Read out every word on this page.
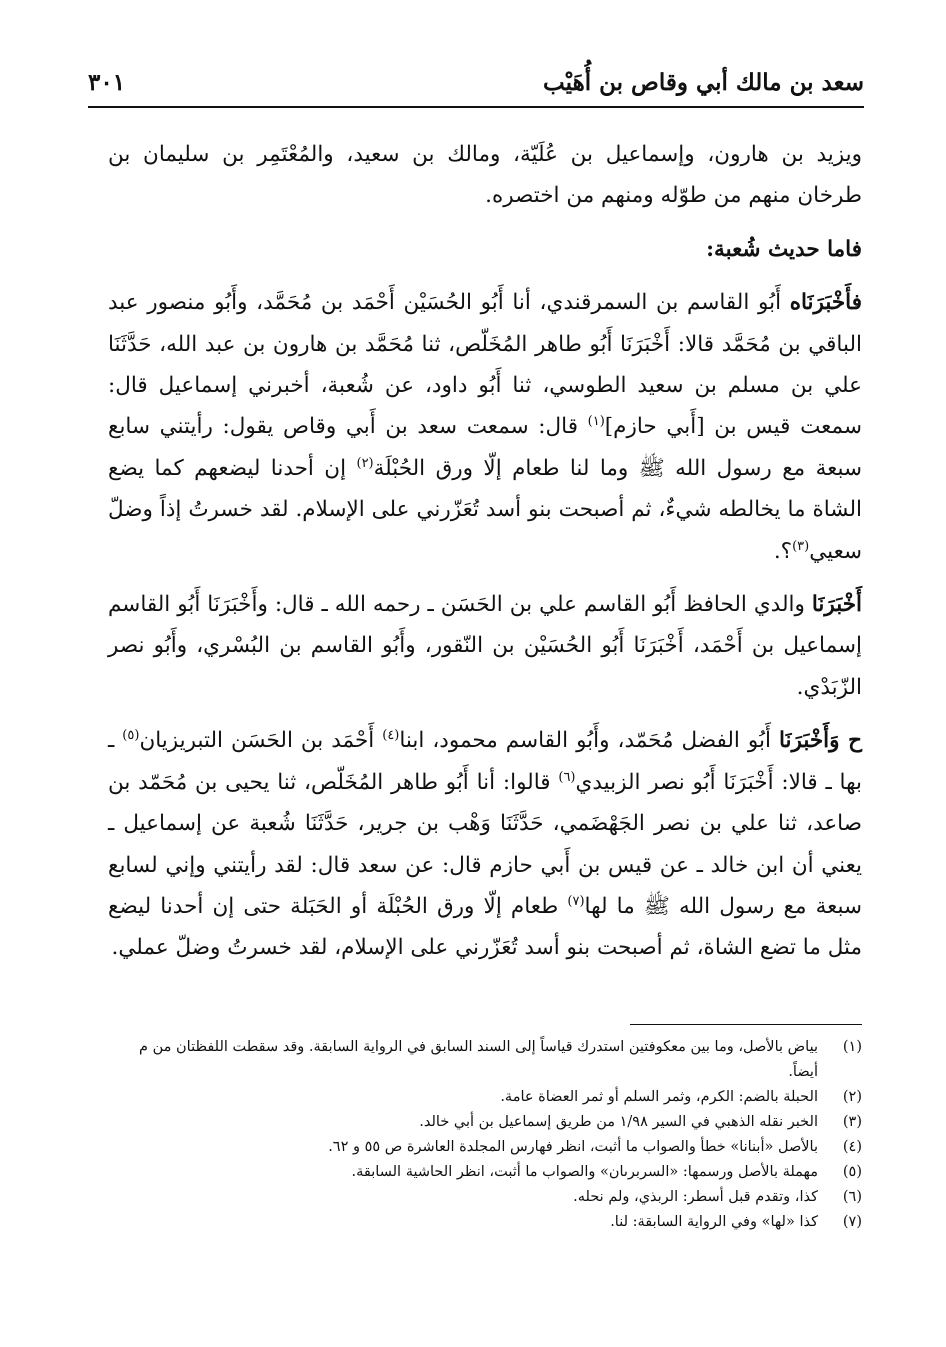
سعد بن مالك أبي وقاص بن أُهَيْب
٣٠١

ويزيد بن هارون، وإسماعيل بن عُلَيّة، ومالك بن سعيد، والمُعْتَمِر بن سليمان بن طرخان منهم من طوّله ومنهم من اختصره.

فاما حديث شُعبة:

فأَخْبَرَنَاه أَبُو القاسم بن السمرقندي، أنا أَبُو الحُسَيْن أَحْمَد بن مُحَمَّد، وأَبُو منصور عبد الباقي بن مُحَمَّد قالا: أَخْبَرَنَا أَبُو طاهر المُخَلّص، ثنا مُحَمَّد بن هارون بن عبد الله، حَدَّثَنَا علي بن مسلم بن سعيد الطوسي، ثنا أَبُو داود، عن شُعبة، أخبرني إسماعيل قال: سمعت قيس بن [أَبي حازم]$^{(١)}$ قال: سمعت سعد بن أَبي وقاص يقول: رأيتني سابع سبعة مع رسول الله ﷺ وما لنا طعام إلّا ورق الحُبْلَة$^{(٢)}$ إن أحدنا ليضعهم كما يضع الشاة ما يخالطه شيءٌ، ثم أصبحت بنو أسد تُعَزّرني على الإسلام. لقد خسرتُ إذاً وضلّ سعيي$^{(٣)}$؟.

أَخْبَرَنَا والدي الحافظ أَبُو القاسم علي بن الحَسَن ـ رحمه الله ـ قال: وأَخْبَرَنَا أَبُو القاسم إسماعيل بن أَحْمَد، أَخْبَرَنَا أَبُو الحُسَيْن بن النّقور، وأَبُو القاسم بن البُسْري، وأَبُو نصر الزّبَدْي.

ح وَأَخْبَرَنَا أَبُو الفضل مُحَمّد، وأَبُو القاسم محمود، ابنا$^{(٤)}$ أَحْمَد بن الحَسَن التبريزيان$^{(٥)}$ ـ بها ـ قالا: أَخْبَرَنَا أَبُو نصر الزبيدي$^{(٦)}$ قالوا: أنا أَبُو طاهر المُخَلّص، ثنا يحيى بن مُحَمّد بن صاعد، ثنا علي بن نصر الجَهْضَمي، حَدَّثَنَا وَهْب بن جرير، حَدَّثَنَا شُعبة عن إسماعيل ـ يعني أن ابن خالد ـ عن قيس بن أَبي حازم قال: عن سعد قال: لقد رأيتني وإني لسابع سبعة مع رسول الله ﷺ ما لها$^{(٧)}$ طعام إلّا ورق الحُبْلَة أو الحَبَلة حتى إن أحدنا ليضع مثل ما تضع الشاة، ثم أصبحت بنو أسد تُعَزّرني على الإسلام، لقد خسرتُ وضلّ عملي.

(١)
بياض بالأصل، وما بين معكوفتين استدرك قياساً إلى السند السابق في الرواية السابقة. وقد سقطت اللفظتان من م أيضاً.
(٢)
الحبلة بالضم: الكرم، وثمر السلم أو ثمر العضاة عامة.
(٣)
الخبر نقله الذهبي في السير ١/٩٨ من طريق إسماعيل بن أبي خالد.
(٤)
بالأصل «أبنانا» خطأ والصواب ما أثبت، انظر فهارس المجلدة العاشرة ص ٥٥ و ٦٢.
(٥)
مهملة بالأصل ورسمها: «السربرىان» والصواب ما أثبت، انظر الحاشية السابقة.
(٦)
كذا، وتقدم قبل أسطر: الربذي، ولم نحله.
(٧)
كذا «لها» وفي الرواية السابقة: لنا.
